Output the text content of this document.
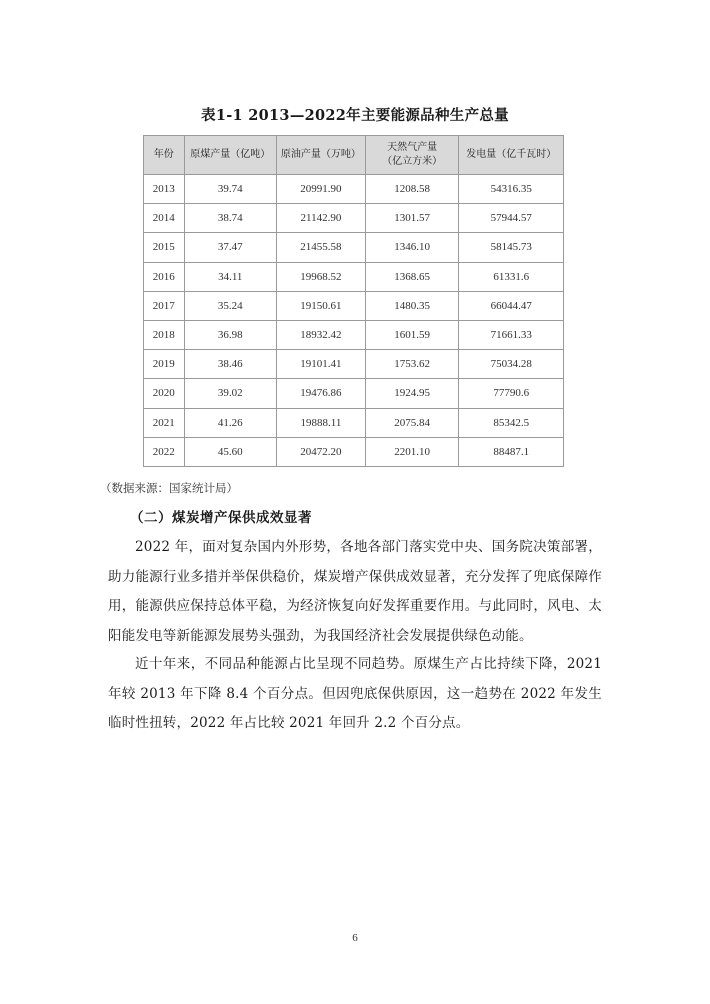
表1-1 2013—2022年主要能源品种生产总量
年份	原煤产量（亿吨）	原油产量（万吨）	天然气产量
（亿立方米）	发电量（亿千瓦时）
2013	39.74	20991.90	1208.58	54316.35
2014	38.74	21142.90	1301.57	57944.57
2015	37.47	21455.58	1346.10	58145.73
2016	34.11	19968.52	1368.65	61331.6
2017	35.24	19150.61	1480.35	66044.47
2018	36.98	18932.42	1601.59	71661.33
2019	38.46	19101.41	1753.62	75034.28
2020	39.02	19476.86	1924.95	77790.6
2021	41.26	19888.11	2075.84	85342.5
2022	45.60	20472.20	2201.10	88487.1
（数据来源：国家统计局）
（二）煤炭增产保供成效显著

2022 年，面对复杂国内外形势，各地各部门落实党中央、国务院决策部署，助力能源行业多措并举保供稳价，煤炭增产保供成效显著，充分发挥了兜底保障作用，能源供应保持总体平稳，为经济恢复向好发挥重要作用。与此同时，风电、太阳能发电等新能源发展势头强劲，为我国经济社会发展提供绿色动能。

近十年来，不同品种能源占比呈现不同趋势。原煤生产占比持续下降，2021 年较 2013 年下降 8.4 个百分点。但因兜底保供原因，这一趋势在 2022 年发生临时性扭转，2022 年占比较 2021 年回升 2.2 个百分点。

6
